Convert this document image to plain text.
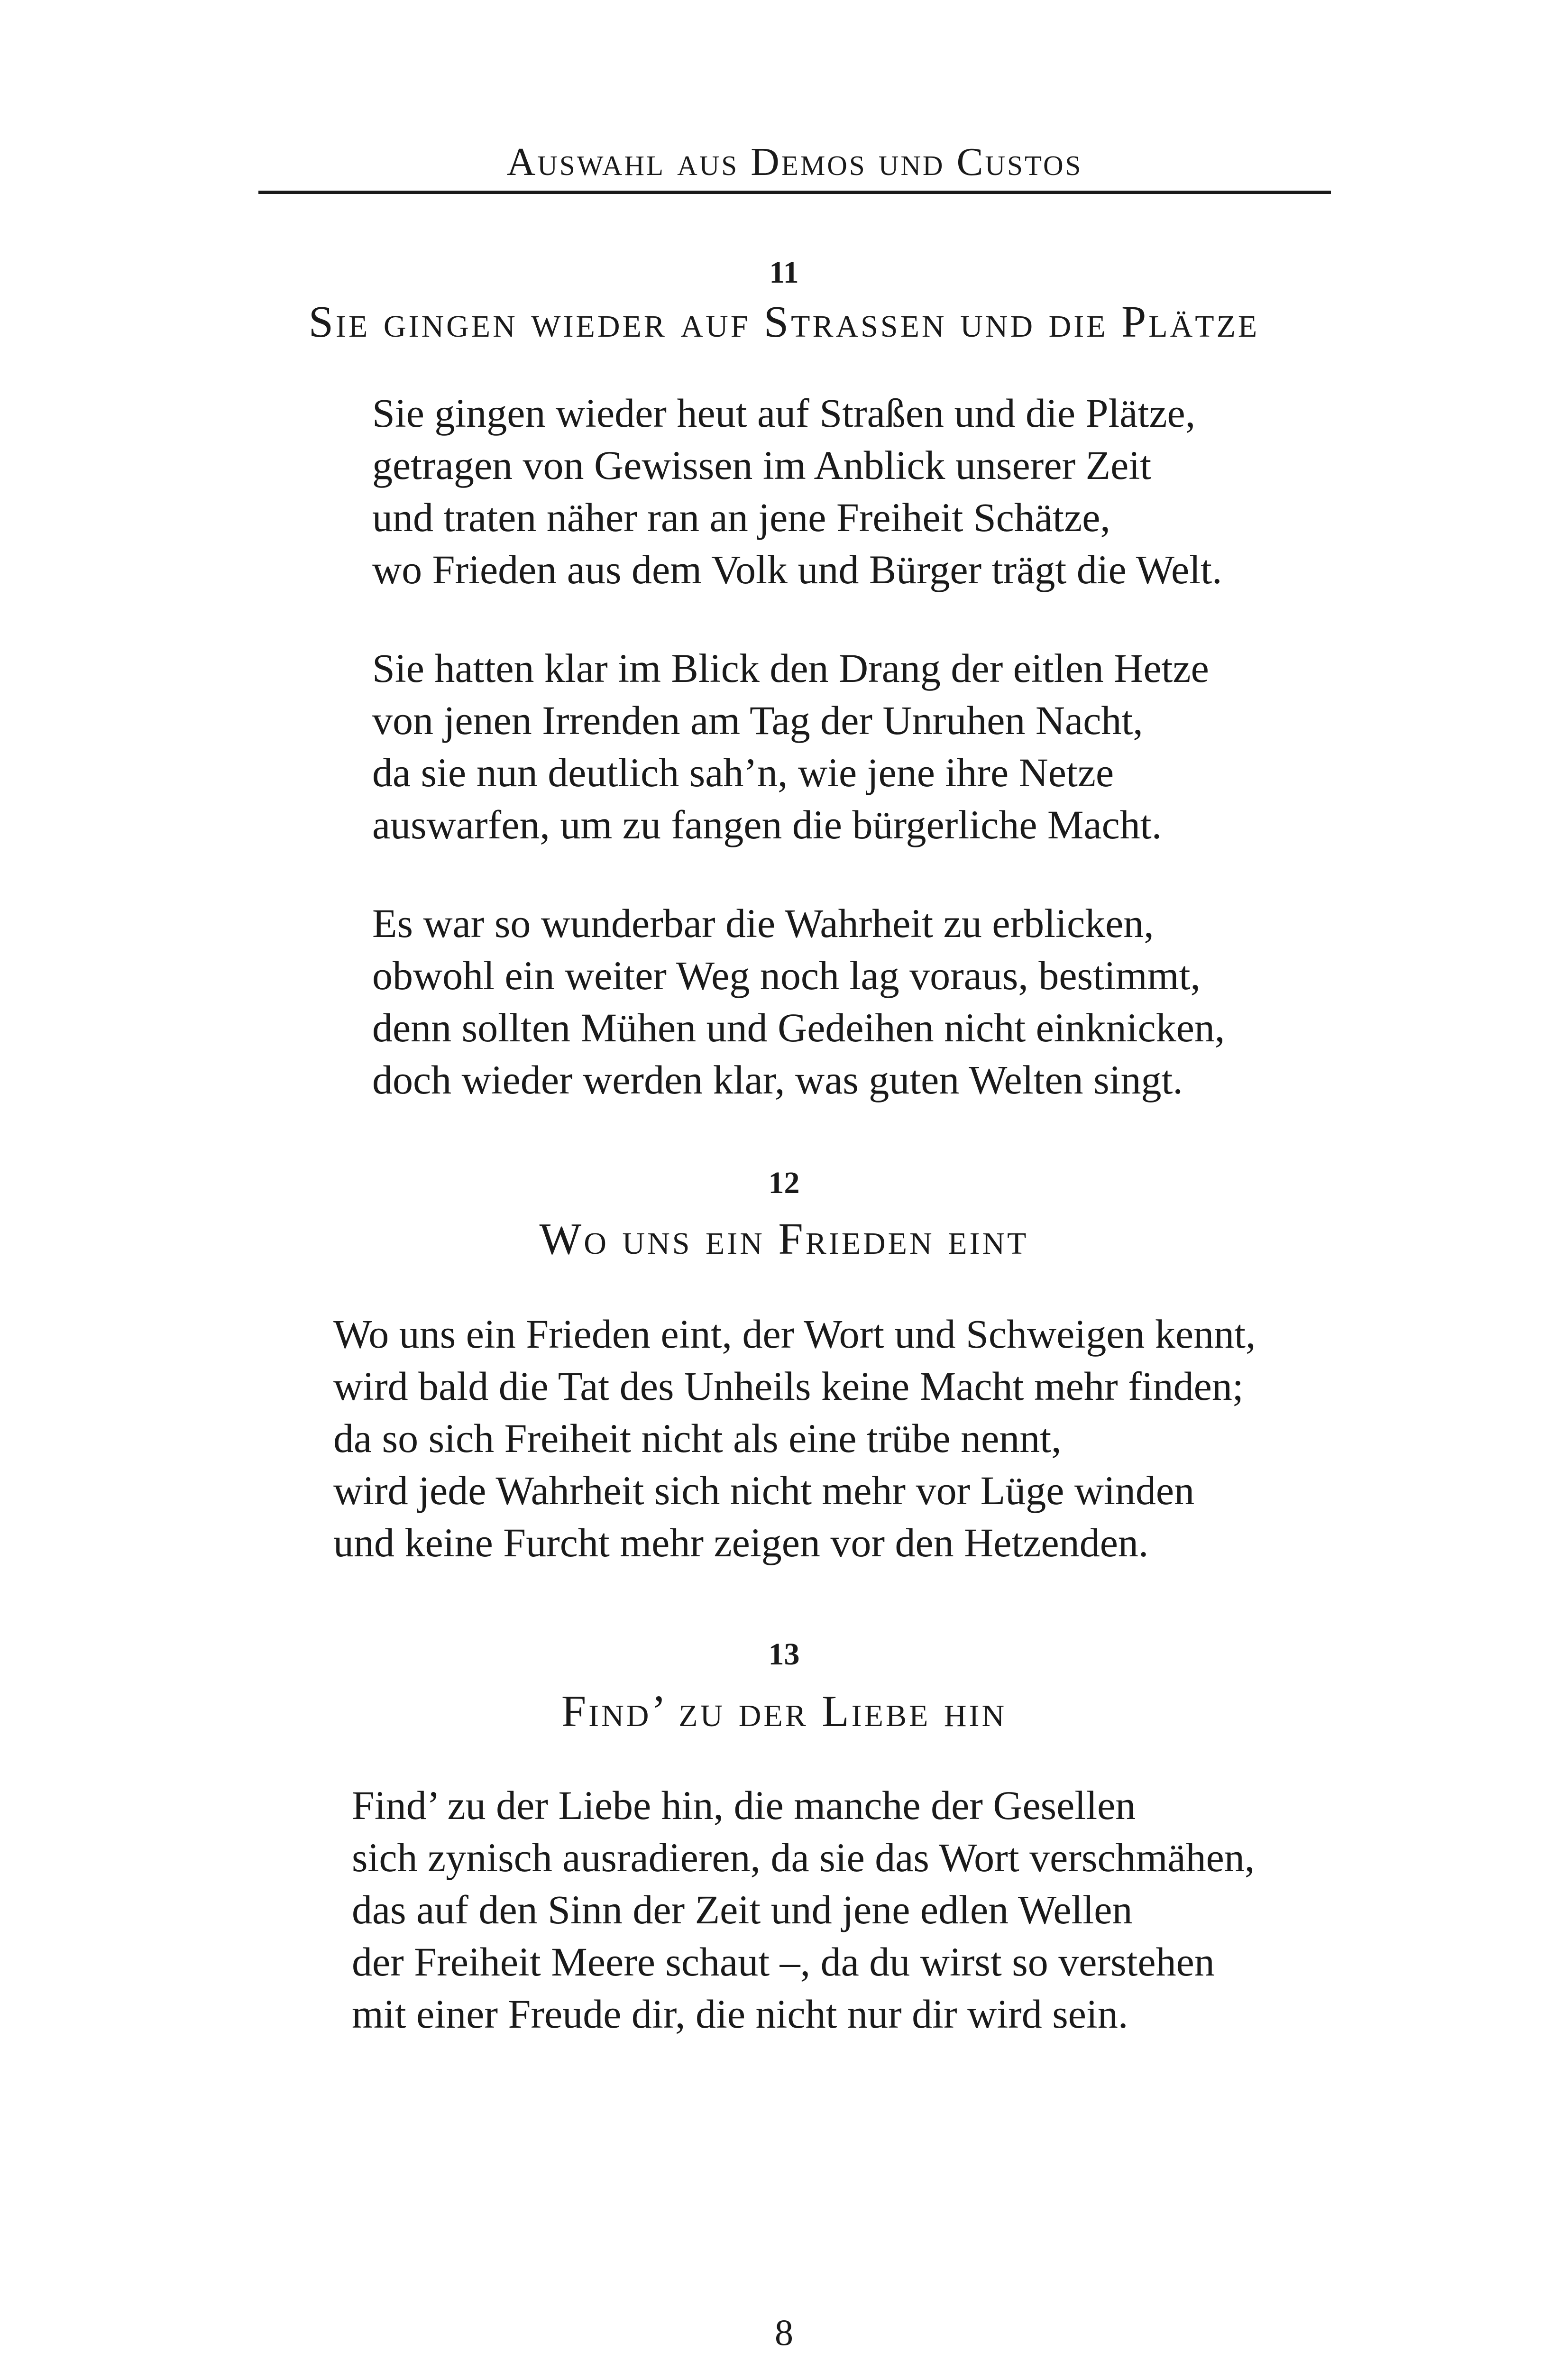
Auswahl aus Demos und Custos
11
Sie gingen wieder auf Strassen und die Plätze
Sie gingen wieder heut auf Straßen und die Plätze,
getragen von Gewissen im Anblick unserer Zeit
und traten näher ran an jene Freiheit Schätze,
wo Frieden aus dem Volk und Bürger trägt die Welt.
Sie hatten klar im Blick den Drang der eitlen Hetze
von jenen Irrenden am Tag der Unruhen Nacht,
da sie nun deutlich sah’n, wie jene ihre Netze
auswarfen, um zu fangen die bürgerliche Macht.
Es war so wunderbar die Wahrheit zu erblicken,
obwohl ein weiter Weg noch lag voraus, bestimmt,
denn sollten Mühen und Gedeihen nicht einknicken,
doch wieder werden klar, was guten Welten singt.
12
Wo uns ein Frieden eint
Wo uns ein Frieden eint, der Wort und Schweigen kennt,
wird bald die Tat des Unheils keine Macht mehr finden;
da so sich Freiheit nicht als eine trübe nennt,
wird jede Wahrheit sich nicht mehr vor Lüge winden
und keine Furcht mehr zeigen vor den Hetzenden.
13
Find’ zu der Liebe hin
Find’ zu der Liebe hin, die manche der Gesellen
sich zynisch ausradieren, da sie das Wort verschmähen,
das auf den Sinn der Zeit und jene edlen Wellen
der Freiheit Meere schaut –, da du wirst so verstehen
mit einer Freude dir, die nicht nur dir wird sein.
8
